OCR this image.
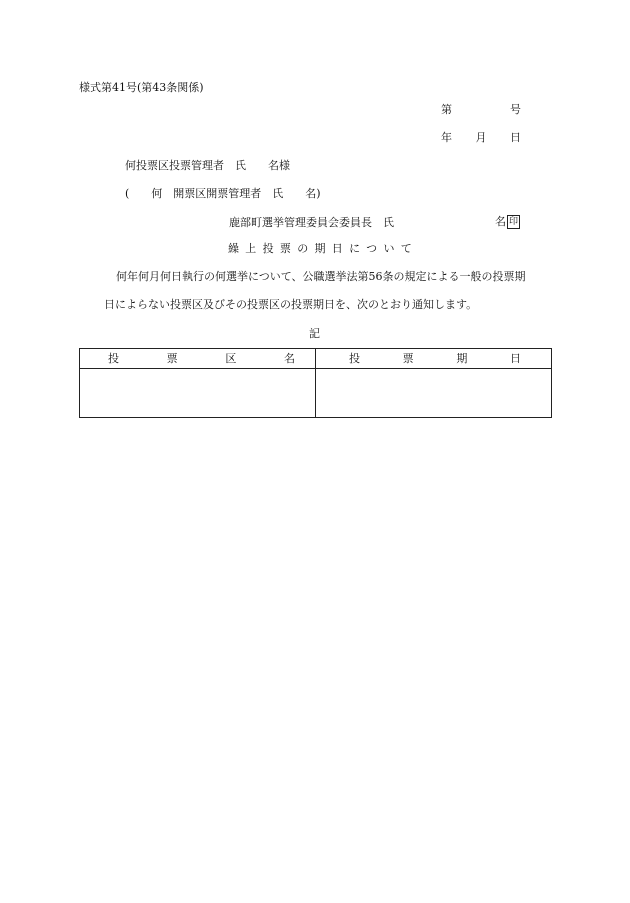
様式第41号(第43条関係)
第	号
年 月 日
何投票区投票管理者　氏　　名様
(　　何　開票区開票管理者　氏　　名)
鹿部町選挙管理委員会委員長　氏	名 印
繰上投票の期日について
何年何月何日執行の何選挙について、公職選挙法第56条の規定による一般の投票期
日によらない投票区及びその投票区の投票期日を、次のとおり通知します。
記
投 票 区 名	投 票 期 日
